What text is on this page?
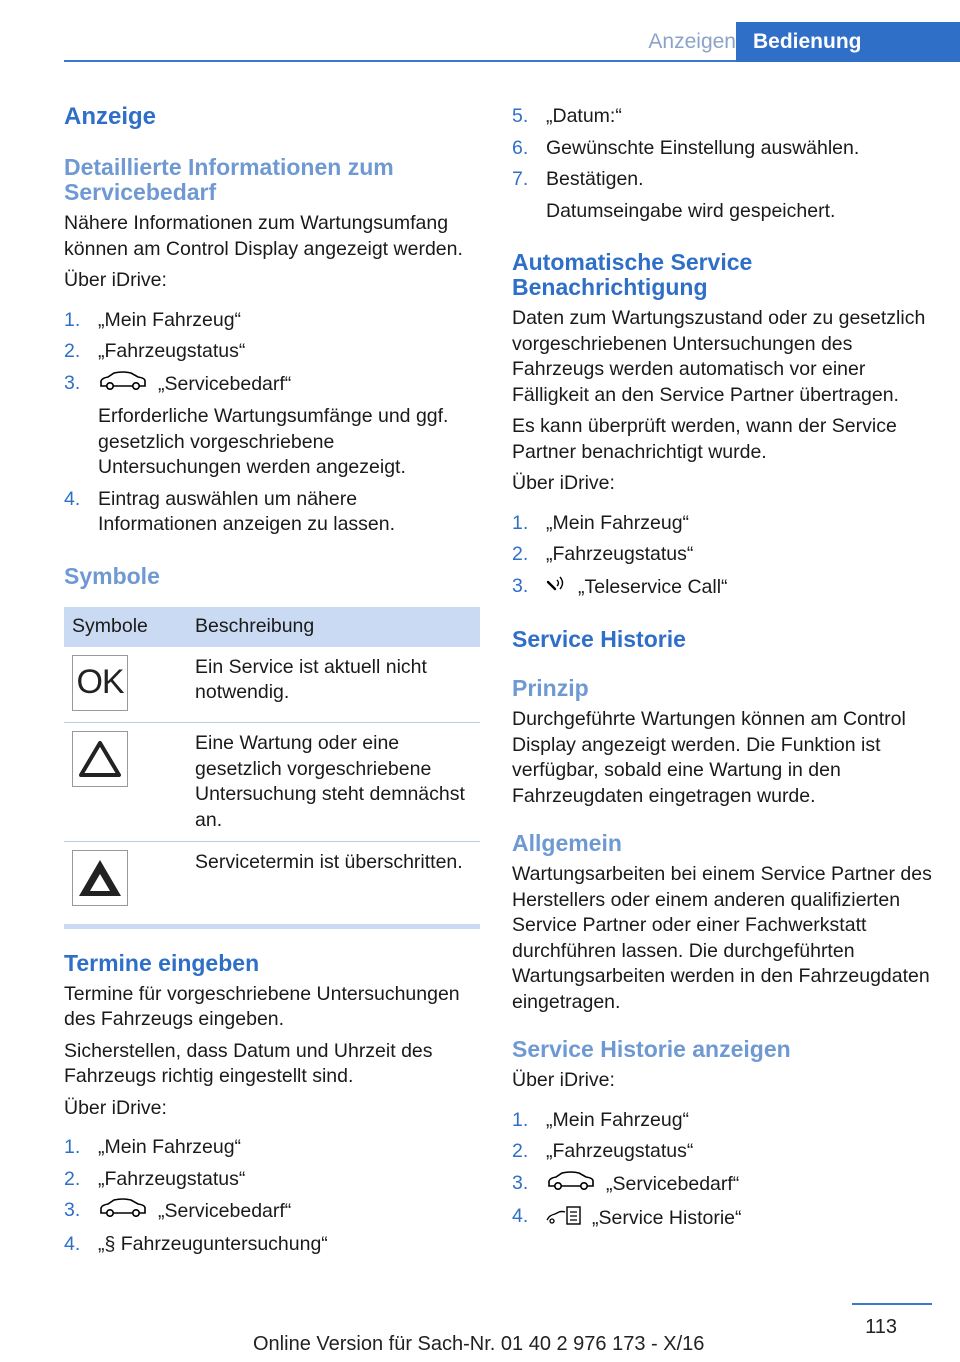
Anzeigen Bedienung
Anzeige
Detaillierte Informationen zum Servicebedarf

Nähere Informationen zum Wartungsumfang können am Control Display angezeigt werden.

Über iDrive:

1. „Mein Fahrzeug“
2. „Fahrzeugstatus“
3.	„Servicebedarf“
Erforderliche Wartungsumfänge und ggf. gesetzlich vorgeschriebene Untersuchungen werden angezeigt.
4. Eintrag auswählen um nähere Informationen anzeigen zu lassen.
Symbole
Symbole	Beschreibung

OK	Ein Service ist aktuell nicht notwendig.

	Eine Wartung oder eine gesetzlich vorgeschriebene Untersuchung steht demnächst an.

	Servicetermin ist überschritten.
Termine eingeben

Termine für vorgeschriebene Untersuchungen des Fahrzeugs eingeben.

Sicherstellen, dass Datum und Uhrzeit des Fahrzeugs richtig eingestellt sind.

Über iDrive:

1. „Mein Fahrzeug“
2. „Fahrzeugstatus“
3.	„Servicebedarf“
4. „§ Fahrzeuguntersuchung“
5. „Datum:“
6. Gewünschte Einstellung auswählen.
7. Bestätigen.
Datumseingabe wird gespeichert.
Automatische Service Benachrichtigung

Daten zum Wartungszustand oder zu gesetzlich vorgeschriebenen Untersuchungen des Fahrzeugs werden automatisch vor einer Fälligkeit an den Service Partner übertragen.

Es kann überprüft werden, wann der Service Partner benachrichtigt wurde.

Über iDrive:

1. „Mein Fahrzeug“
2. „Fahrzeugstatus“
3.	„Teleservice Call“
Service Historie
Prinzip

Durchgeführte Wartungen können am Control Display angezeigt werden. Die Funktion ist verfügbar, sobald eine Wartung in den Fahrzeugdaten eingetragen wurde.

Allgemein

Wartungsarbeiten bei einem Service Partner des Herstellers oder einem anderen qualifizierten Service Partner oder einer Fachwerkstatt durchführen lassen. Die durchgeführten Wartungsarbeiten werden in den Fahrzeugdaten eingetragen.

Service Historie anzeigen

Über iDrive:

1. „Mein Fahrzeug“
2. „Fahrzeugstatus“
3.	„Servicebedarf“
4.	„Service Historie“
113
Online Version für Sach-Nr. 01 40 2 976 173 - X/16
